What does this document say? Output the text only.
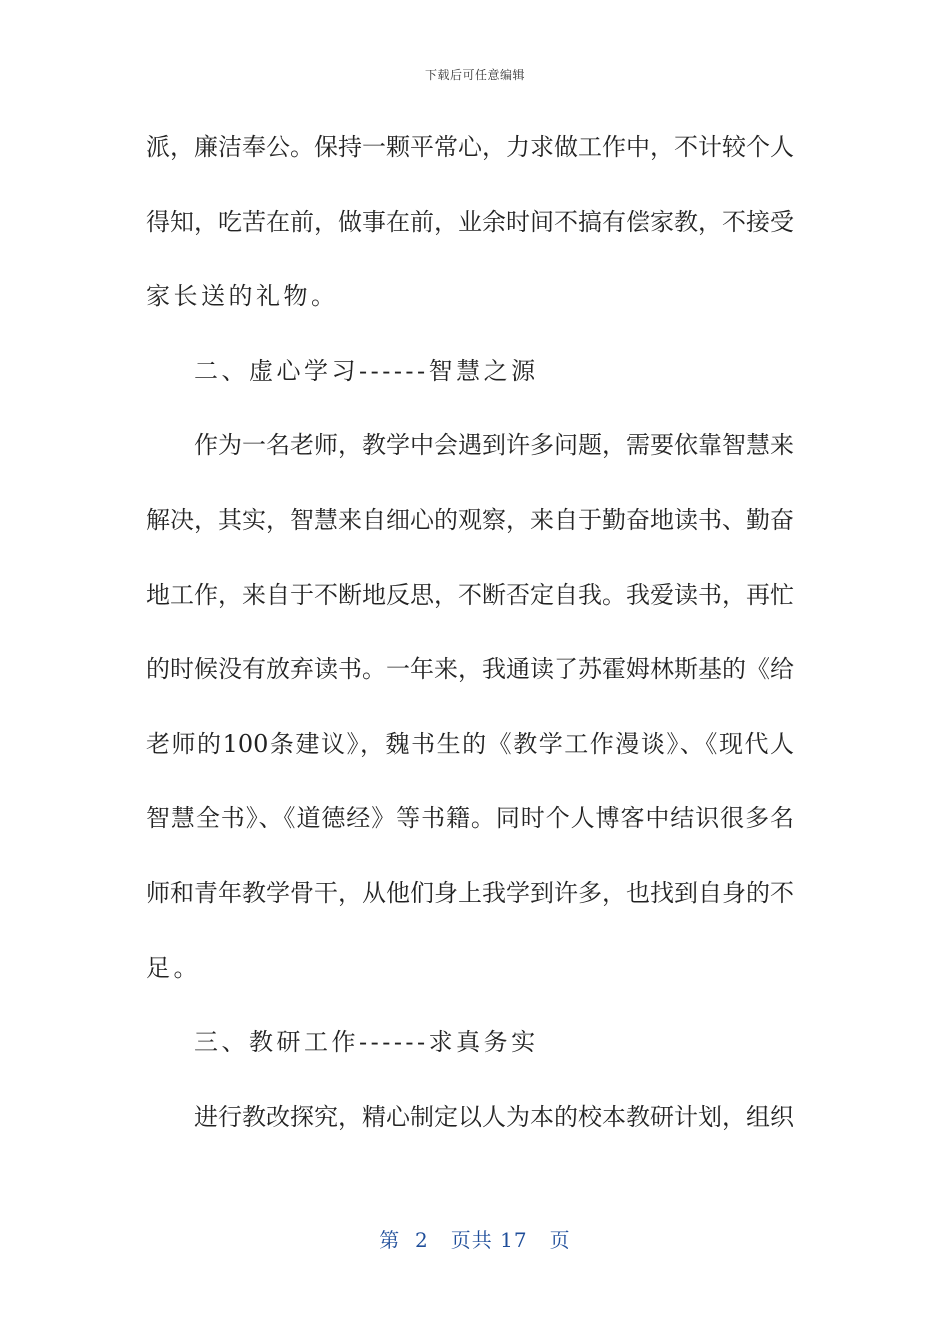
下载后可任意编辑
派，廉洁奉公。保持一颗平常心，力求做工作中，不计较个人
得知，吃苦在前，做事在前，业余时间不搞有偿家教，不接受
家长送的礼物。
二、虚心学习------智慧之源
作为一名老师，教学中会遇到许多问题，需要依靠智慧来
解决，其实，智慧来自细心的观察，来自于勤奋地读书、勤奋
地工作，来自于不断地反思，不断否定自我。我爱读书，再忙
的时候没有放弃读书。一年来，我通读了苏霍姆林斯基的《给
老师的100条建议》，魏书生的《教学工作漫谈》、《现代人
智慧全书》、《道德经》等书籍。同时个人博客中结识很多名
师和青年教学骨干，从他们身上我学到许多，也找到自身的不
足。
三、教研工作------求真务实
进行教改探究，精心制定以人为本的校本教研计划，组织
第  2   页共 17   页
